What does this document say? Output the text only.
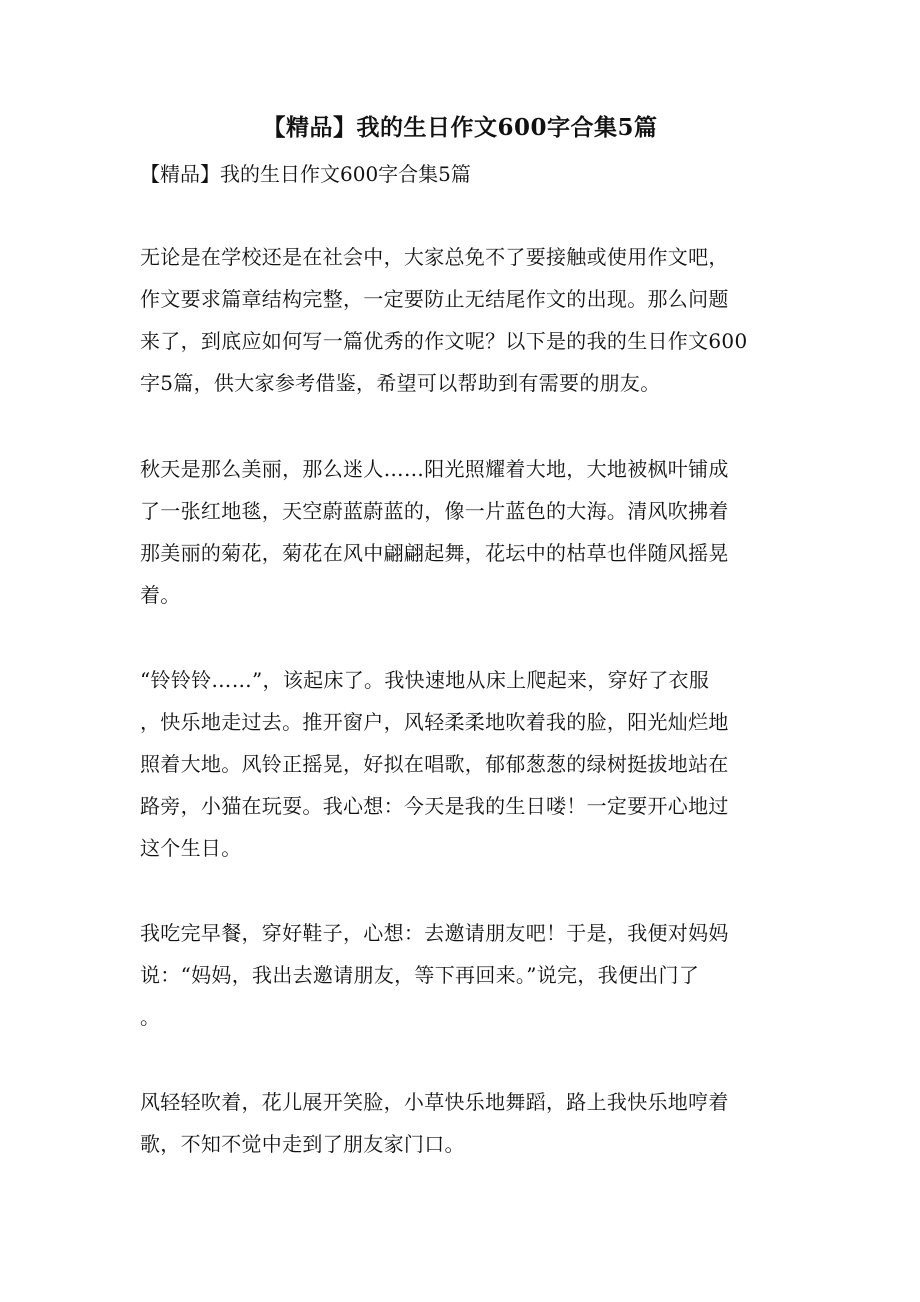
【精品】我的生日作文600字合集5篇
【精品】我的生日作文600字合集5篇
无论是在学校还是在社会中，大家总免不了要接触或使用作文吧，
作文要求篇章结构完整，一定要防止无结尾作文的出现。那么问题
来了，到底应如何写一篇优秀的作文呢？以下是的我的生日作文600
字5篇，供大家参考借鉴，希望可以帮助到有需要的朋友。
秋天是那么美丽，那么迷人……阳光照耀着大地，大地被枫叶铺成
了一张红地毯，天空蔚蓝蔚蓝的，像一片蓝色的大海。清风吹拂着
那美丽的菊花，菊花在风中翩翩起舞，花坛中的枯草也伴随风摇晃
着。
“铃铃铃……”，该起床了。我快速地从床上爬起来，穿好了衣服
，快乐地走过去。推开窗户，风轻柔柔地吹着我的脸，阳光灿烂地
照着大地。风铃正摇晃，好拟在唱歌，郁郁葱葱的绿树挺拔地站在
路旁，小猫在玩耍。我心想：今天是我的生日喽！一定要开心地过
这个生日。
我吃完早餐，穿好鞋子，心想：去邀请朋友吧！于是，我便对妈妈
说：“妈妈，我出去邀请朋友，等下再回来。”说完，我便出门了
。
风轻轻吹着，花儿展开笑脸，小草快乐地舞蹈，路上我快乐地哼着
歌，不知不觉中走到了朋友家门口。
